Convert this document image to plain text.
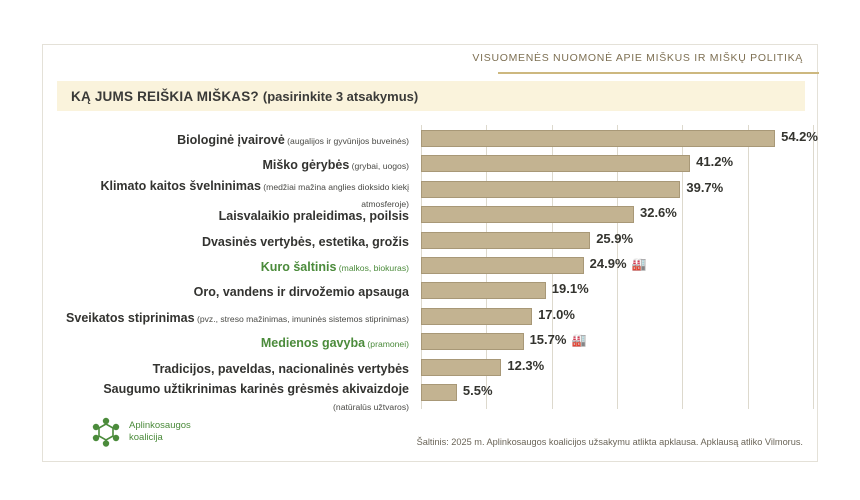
VISUOMENĖS NUOMONĖ APIE MIŠKUS IR MIŠKŲ POLITIKĄ
KĄ JUMS REIŠKIA MIŠKAS? (pasirinkite 3 atsakymus)
Biologinė įvairovė (augalijos ir gyvūnijos buveinės)
Miško gėrybės (grybai, uogos)
Klimato kaitos švelninimas (medžiai mažina anglies dioksido kiekį
atmosferoje)
Laisvalaikio praleidimas, poilsis
Dvasinės vertybės, estetika, grožis
Kuro šaltinis (malkos, biokuras)
Oro, vandens ir dirvožemio apsauga
Sveikatos stiprinimas (pvz., streso mažinimas, imuninės sistemos stiprinimas)
Medienos gavyba (pramonei)
Tradicijos, paveldas, nacionalinės vertybės
Saugumo užtikrinimas karinės grėsmės akivaizdoje
(natūralūs užtvaros)
54.2%
41.2%
39.7%
32.6%
25.9%
🏭
24.9%
19.1%
17.0%
🏭
15.7%
12.3%
5.5%
Aplinkosaugos
koalicija	Šaltinis: 2025 m. Aplinkosaugos koalicijos užsakymu atlikta apklausa. Apklausą atliko Vilmorus.
